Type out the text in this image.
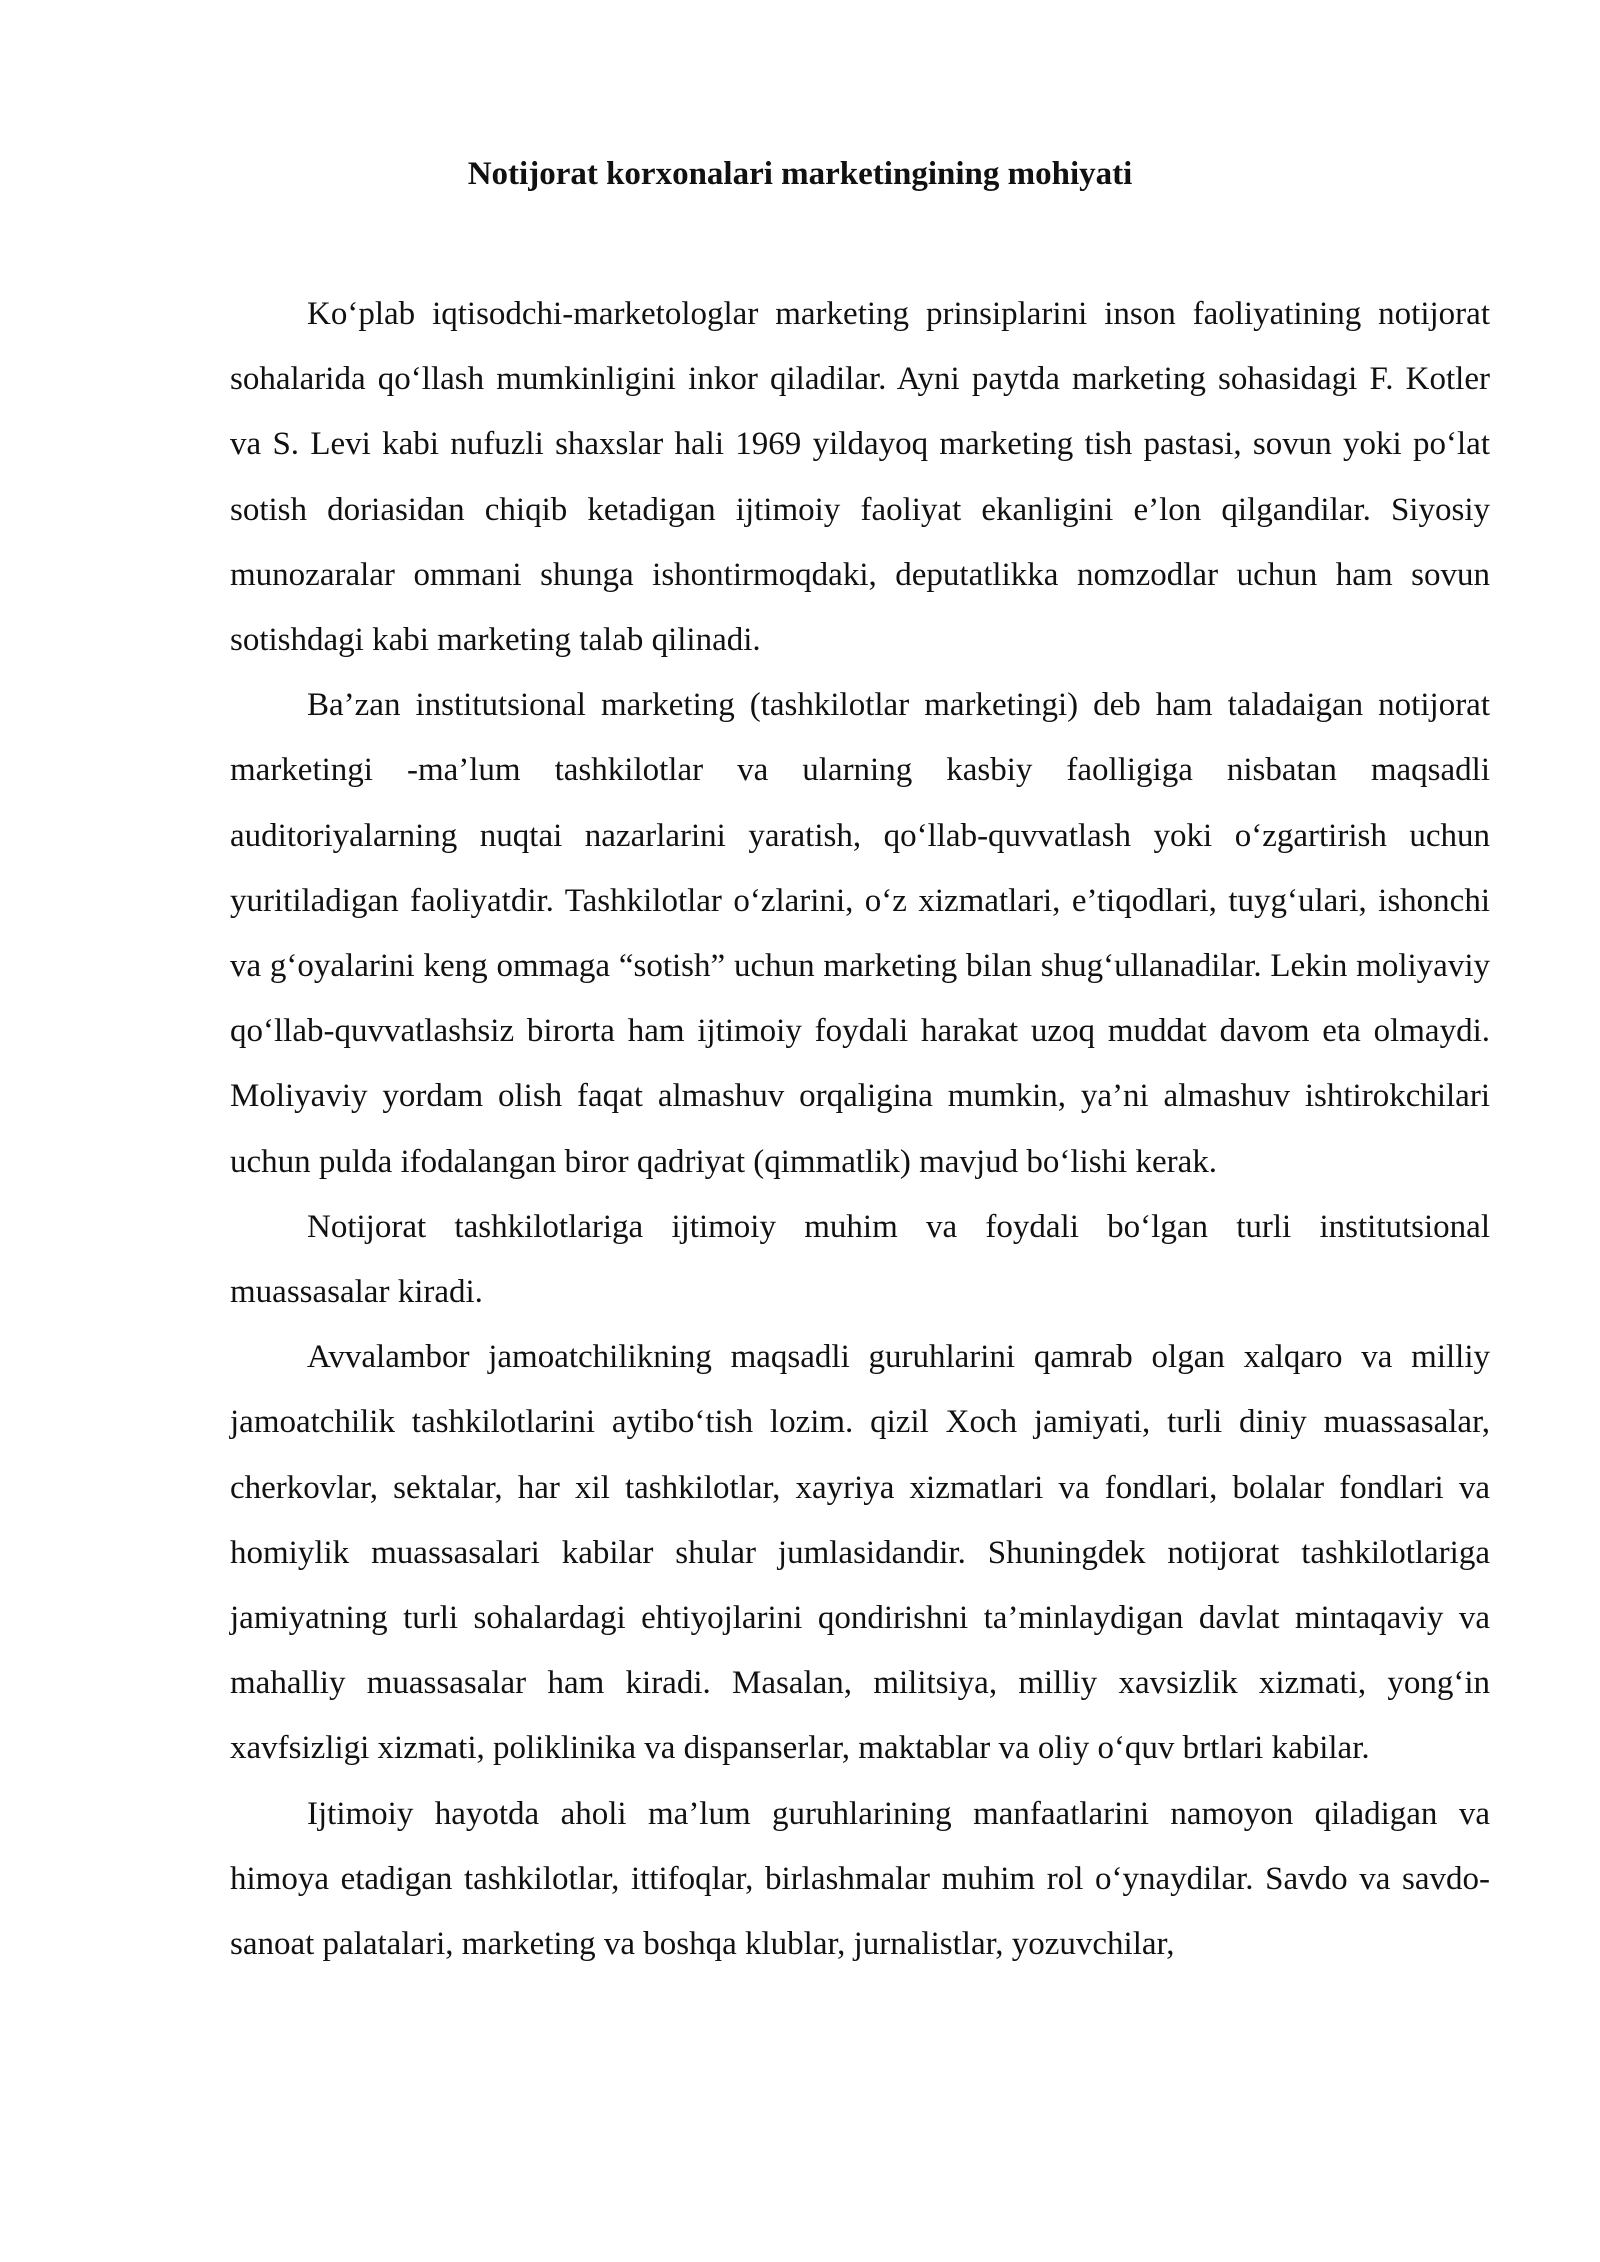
Notijorat korxonalari marketingining mohiyati

Ko‘plab iqtisodchi-marketologlar marketing prinsiplarini inson faoliyatining notijorat sohalarida qo‘llash mumkinligini inkor qiladilar. Ayni paytda marketing sohasidagi F. Kotler va S. Levi kabi nufuzli shaxslar hali 1969 yildayoq marketing tish pastasi, sovun yoki po‘lat sotish doriasidan chiqib ketadigan ijtimoiy faoliyat ekanligini e’lon qilgandilar. Siyosiy munozaralar ommani shunga ishontirmoqdaki, deputatlikka nomzodlar uchun ham sovun sotishdagi kabi marketing talab qilinadi.

Ba’zan institutsional marketing (tashkilotlar marketingi) deb ham taladaigan notijorat marketingi -ma’lum tashkilotlar va ularning kasbiy faolligiga nisbatan maqsadli auditoriyalarning nuqtai nazarlarini yaratish, qo‘llab-quvvatlash yoki o‘zgartirish uchun yuritiladigan faoliyatdir. Tashkilotlar o‘zlarini, o‘z xizmatlari, e’tiqodlari, tuyg‘ulari, ishonchi va g‘oyalarini keng ommaga “sotish” uchun marketing bilan shug‘ullanadilar. Lekin moliyaviy qo‘llab-quvvatlashsiz birorta ham ijtimoiy foydali harakat uzoq muddat davom eta olmaydi. Moliyaviy yordam olish faqat almashuv orqaligina mumkin, ya’ni almashuv ishtirokchilari uchun pulda ifodalangan biror qadriyat (qimmatlik) mavjud bo‘lishi kerak.

Notijorat tashkilotlariga ijtimoiy muhim va foydali bo‘lgan turli institutsional muassasalar kiradi.

Avvalambor jamoatchilikning maqsadli guruhlarini qamrab olgan xalqaro va milliy jamoatchilik tashkilotlarini aytibo‘tish lozim. qizil Xoch jamiyati, turli diniy muassasalar, cherkovlar, sektalar, har xil tashkilotlar, xayriya xizmatlari va fondlari, bolalar fondlari va homiylik muassasalari kabilar shular jumlasidandir. Shuningdek notijorat tashkilotlariga jamiyatning turli sohalardagi ehtiyojlarini qondirishni ta’minlaydigan davlat mintaqaviy va mahalliy muassasalar ham kiradi. Masalan, militsiya, milliy xavsizlik xizmati, yong‘in xavfsizligi xizmati, poliklinika va dispanserlar, maktablar va oliy o‘quv brtlari kabilar.

Ijtimoiy hayotda aholi ma’lum guruhlarining manfaatlarini namoyon qiladigan va himoya etadigan tashkilotlar, ittifoqlar, birlashmalar muhim rol o‘ynaydilar. Savdo va savdo-sanoat palatalari, marketing va boshqa klublar, jurnalistlar, yozuvchilar,
